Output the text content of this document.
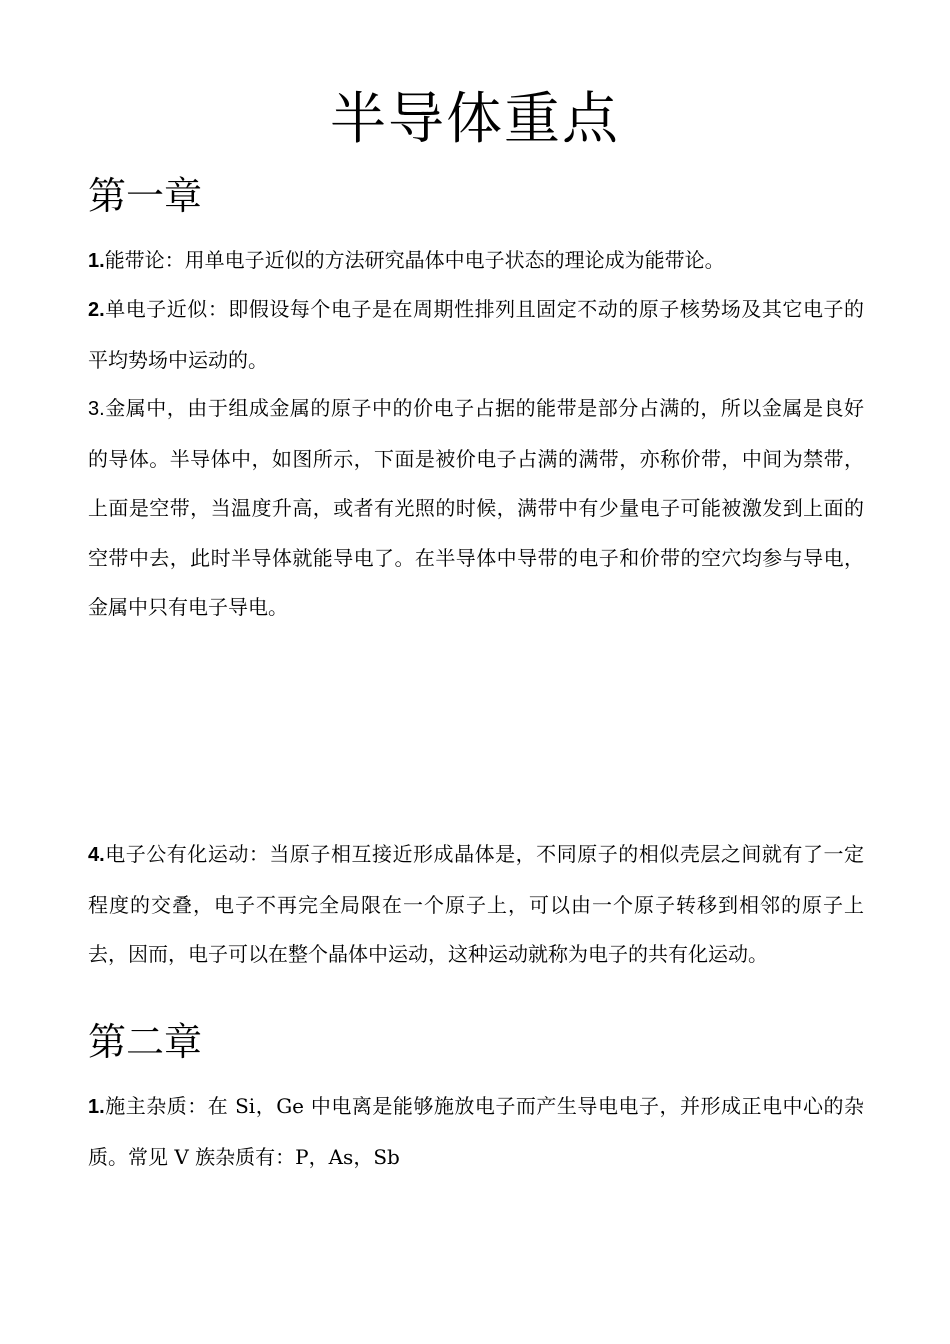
半导体重点
第一章

1.能带论：用单电子近似的方法研究晶体中电子状态的理论成为能带论。

2.单电子近似：即假设每个电子是在周期性排列且固定不动的原子核势场及其它电子的平均势场中运动的。

3.金属中，由于组成金属的原子中的价电子占据的能带是部分占满的，所以金属是良好的导体。半导体中，如图所示，下面是被价电子占满的满带，亦称价带，中间为禁带，上面是空带，当温度升高，或者有光照的时候，满带中有少量电子可能被激发到上面的空带中去，此时半导体就能导电了。在半导体中导带的电子和价带的空穴均参与导电，金属中只有电子导电。

4.电子公有化运动：当原子相互接近形成晶体是，不同原子的相似壳层之间就有了一定程度的交叠，电子不再完全局限在一个原子上，可以由一个原子转移到相邻的原子上去，因而，电子可以在整个晶体中运动，这种运动就称为电子的共有化运动。

第二章

1.施主杂质：在 Si，Ge 中电离是能够施放电子而产生导电电子，并形成正电中心的杂质。常见 V 族杂质有：P，As，Sb
